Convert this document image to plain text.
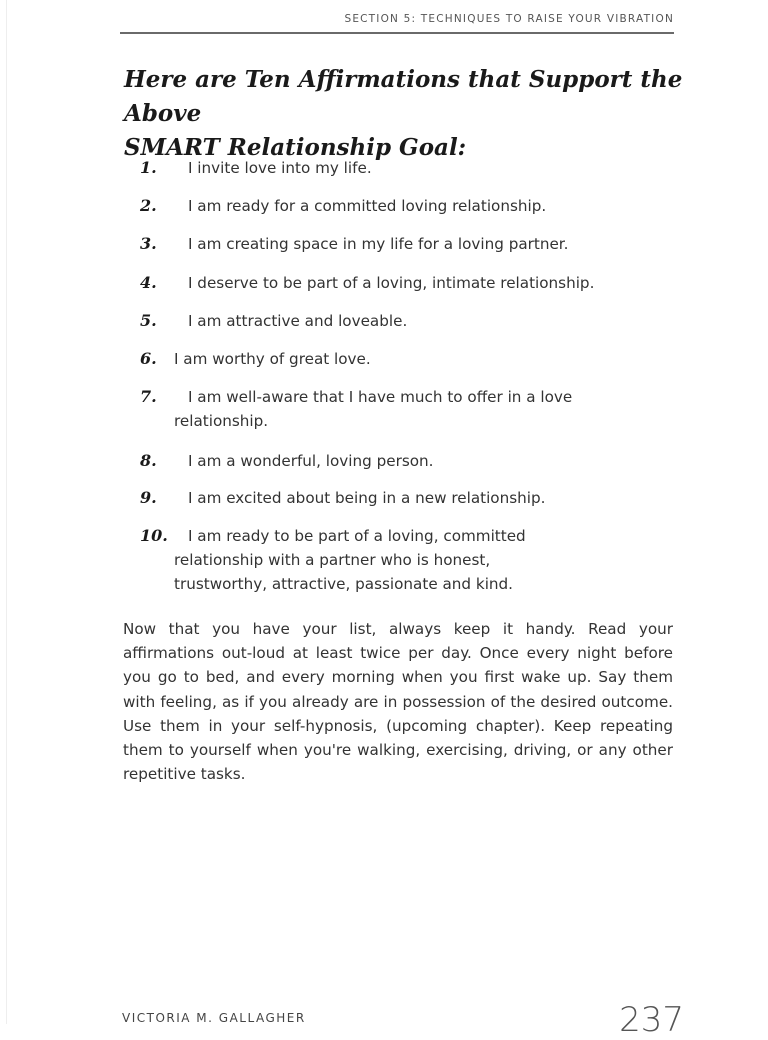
SECTION 5: TECHNIQUES TO RAISE YOUR VIBRATION
Here are Ten Affirmations that Support the Above
SMART Relationship Goal:
1. I invite love into my life.
2. I am ready for a committed loving relationship.
3. I am creating space in my life for a loving partner.
4. I deserve to be part of a loving, intimate relationship.
5. I am attractive and loveable.
6. I am worthy of great love.
7. I am well-aware that I have much to offer in a love
relationship.
8. I am a wonderful, loving person.
9. I am excited about being in a new relationship.
10. I am ready to be part of a loving, committed
relationship with a partner who is honest,
trustworthy, attractive, passionate and kind.
Now that you have your list, always keep it handy. Read your affirmations out-loud at least twice per day. Once every night before you go to bed, and every morning when you first wake up. Say them with feeling, as if you already are in possession of the desired outcome. Use them in your self-hypnosis, (upcoming chapter). Keep repeating them to yourself when you're walking, exercising, driving, or any other repetitive tasks.
VICTORIA M. GALLAGHER	237
